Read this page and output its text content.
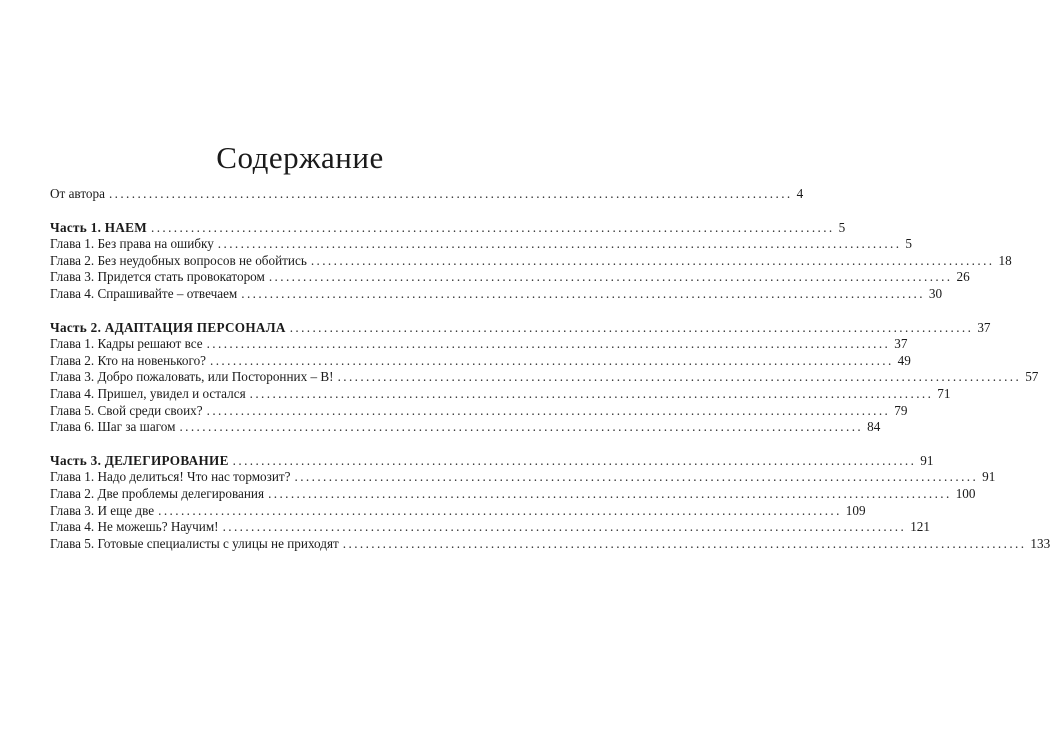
Содержание
От автора ........................................................................................................................ 4
Часть 1. НАЕМ ........................................................................................................................ 5
Глава 1. Без права на ошибку ........................................................................................................................ 5
Глава 2. Без неудобных вопросов не обойтись ........................................................................................................................ 18
Глава 3. Придется стать провокатором ........................................................................................................................ 26
Глава 4. Спрашивайте – отвечаем ........................................................................................................................ 30
Часть 2. АДАПТАЦИЯ ПЕРСОНАЛА ........................................................................................................................ 37
Глава 1. Кадры решают все ........................................................................................................................ 37
Глава 2. Кто на новенького? ........................................................................................................................ 49
Глава 3. Добро пожаловать, или Посторонних – В! ........................................................................................................................ 57
Глава 4. Пришел, увидел и остался ........................................................................................................................ 71
Глава 5. Свой среди своих? ........................................................................................................................ 79
Глава 6. Шаг за шагом ........................................................................................................................ 84
Часть 3. ДЕЛЕГИРОВАНИЕ ........................................................................................................................ 91
Глава 1. Надо делиться! Что нас тормозит? ........................................................................................................................ 91
Глава 2. Две проблемы делегирования ........................................................................................................................ 100
Глава 3. И еще две ........................................................................................................................ 109
Глава 4. Не можешь? Научим! ........................................................................................................................ 121
Глава 5. Готовые специалисты с улицы не приходят ........................................................................................................................ 133
